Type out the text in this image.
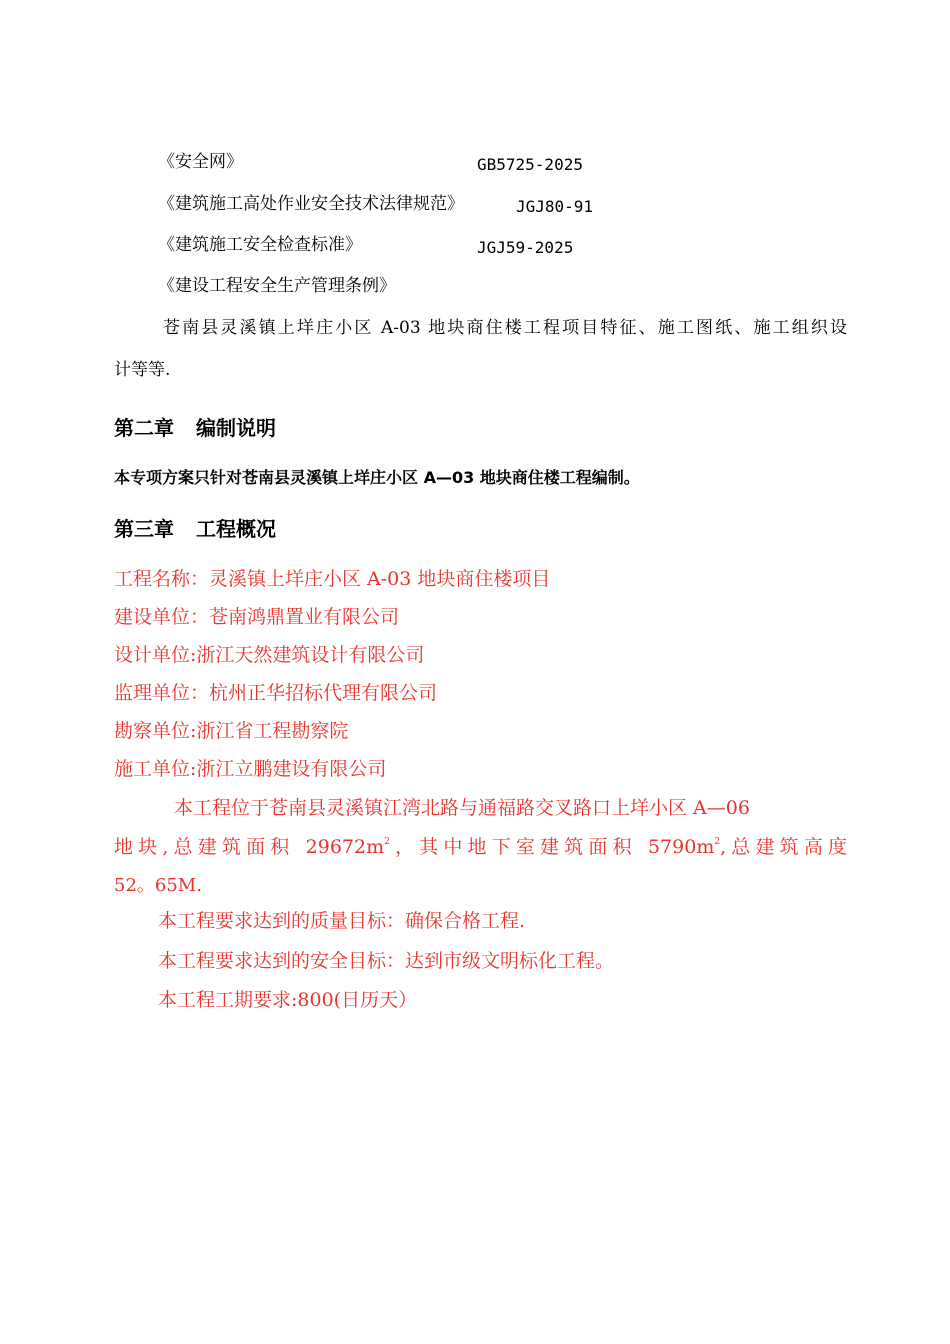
《安全网》	GB5725-2025
《建筑施工高处作业安全技术法律规范》	JGJ80-91
《建筑施工安全检查标准》	JGJ59-2025
《建设工程安全生产管理条例》
苍南县灵溪镇上垟庄小区 A-03 地块商住楼工程项目特征、施工图纸、施工组织设
计等等.
第二章 编制说明
本专项方案只针对苍南县灵溪镇上垟庄小区 A—03 地块商住楼工程编制。
第三章 工程概况
工程名称：灵溪镇上垟庄小区 A-03 地块商住楼项目
建设单位：苍南鸿鼎置业有限公司
设计单位:浙江天然建筑设计有限公司
监理单位：杭州正华招标代理有限公司
勘察单位:浙江省工程勘察院
施工单位:浙江立鹏建设有限公司
本工程位于苍南县灵溪镇江湾北路与通福路交叉路口上垟小区 A—06
地块,总建筑面积 $29672m^2$，其中地下室建筑面积 $5790m^2$,总建筑高度
52。65M.
本工程要求达到的质量目标：确保合格工程.
本工程要求达到的安全目标：达到市级文明标化工程。
本工程工期要求:800(日历天）
